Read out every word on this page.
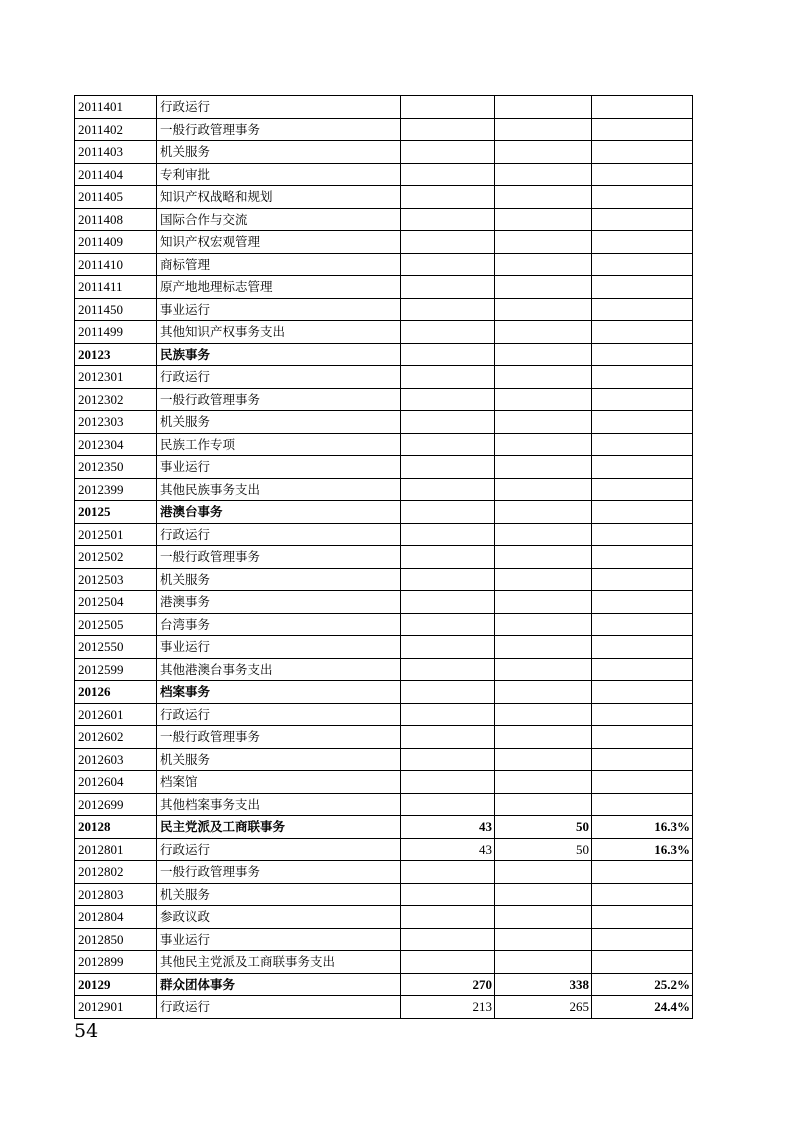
2011401	行政运行			
2011402	一般行政管理事务			
2011403	机关服务			
2011404	专利审批			
2011405	知识产权战略和规划			
2011408	国际合作与交流			
2011409	知识产权宏观管理			
2011410	商标管理			
2011411	原产地地理标志管理			
2011450	事业运行			
2011499	其他知识产权事务支出			
20123	民族事务			
2012301	行政运行			
2012302	一般行政管理事务			
2012303	机关服务			
2012304	民族工作专项			
2012350	事业运行			
2012399	其他民族事务支出			
20125	港澳台事务			
2012501	行政运行			
2012502	一般行政管理事务			
2012503	机关服务			
2012504	港澳事务			
2012505	台湾事务			
2012550	事业运行			
2012599	其他港澳台事务支出			
20126	档案事务			
2012601	行政运行			
2012602	一般行政管理事务			
2012603	机关服务			
2012604	档案馆			
2012699	其他档案事务支出			
20128	民主党派及工商联事务	43	50	16.3%
2012801	行政运行	43	50	16.3%
2012802	一般行政管理事务			
2012803	机关服务			
2012804	参政议政			
2012850	事业运行			
2012899	其他民主党派及工商联事务支出			
20129	群众团体事务	270	338	25.2%
2012901	行政运行	213	265	24.4%
54
